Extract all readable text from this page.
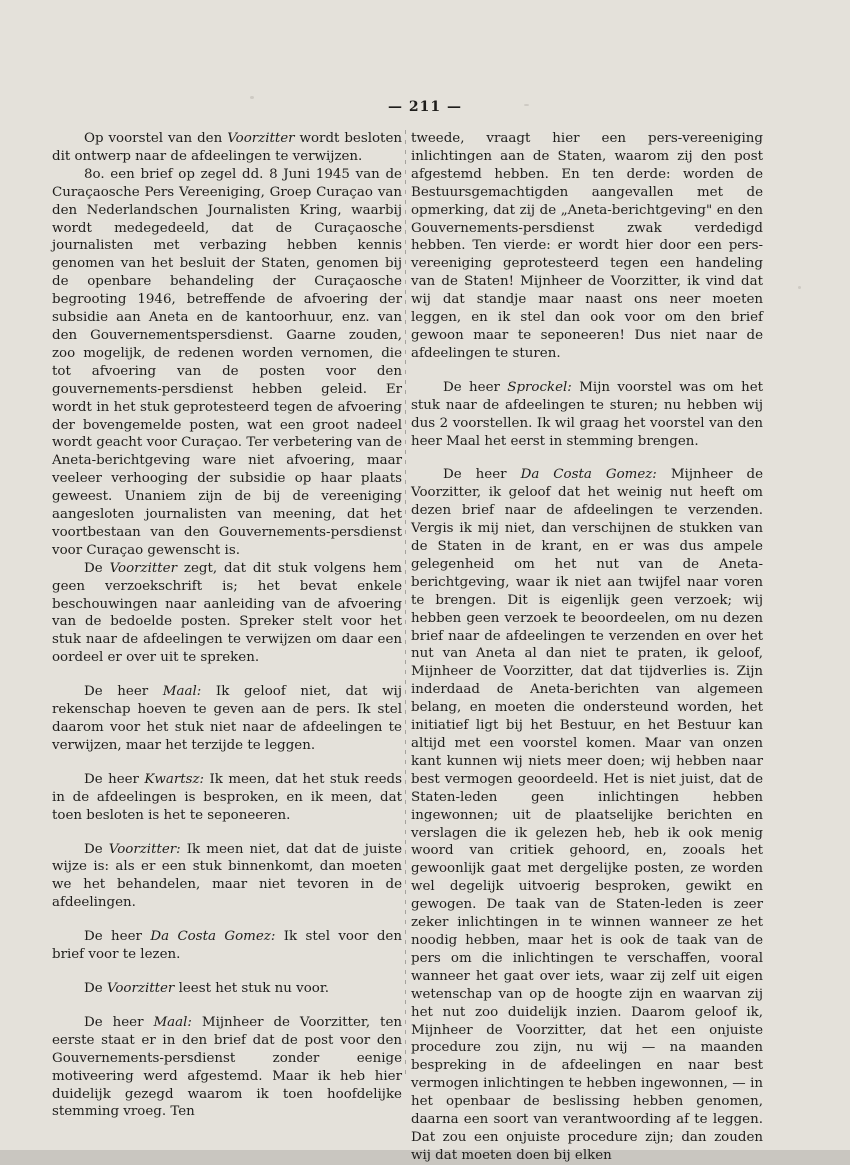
— 211 —

Op voorstel van den Voorzitter wordt besloten dit ontwerp naar de afdeelingen te verwijzen.

8o. een brief op zegel dd. 8 Juni 1945 van de Curaçaosche Pers Vereeniging, Groep Curaçao van den Nederlandschen Journalisten Kring, waarbij wordt medegedeeld, dat de Curaçaosche journalisten met verbazing hebben kennis genomen van het besluit der Staten, genomen bij de openbare behandeling der Curaçaosche begrooting 1946, betreffende de afvoering der subsidie aan Aneta en de kantoorhuur, enz. van den Gouvernementspersdienst. Gaarne zouden, zoo mogelijk, de redenen worden vernomen, die tot afvoering van de posten voor den gouvernements-persdienst hebben geleid. Er wordt in het stuk geprotesteerd tegen de afvoering der bovengemelde posten, wat een groot nadeel wordt geacht voor Curaçao. Ter verbetering van de Aneta-berichtgeving ware niet afvoering, maar veeleer verhooging der subsidie op haar plaats geweest. Unaniem zijn de bij de vereeniging aangesloten journalisten van meening, dat het voortbestaan van den Gouvernements-persdienst voor Curaçao gewenscht is.

De Voorzitter zegt, dat dit stuk volgens hem geen verzoekschrift is; het bevat enkele beschouwingen naar aanleiding van de afvoering van de bedoelde posten. Spreker stelt voor het stuk naar de afdeelingen te verwijzen om daar een oordeel er over uit te spreken.

De heer Maal: Ik geloof niet, dat wij rekenschap hoeven te geven aan de pers. Ik stel daarom voor het stuk niet naar de afdeelingen te verwijzen, maar het terzijde te leggen.

De heer Kwartsz: Ik meen, dat het stuk reeds in de afdeelingen is besproken, en ik meen, dat toen besloten is het te seponeeren.

De Voorzitter: Ik meen niet, dat dat de juiste wijze is: als er een stuk binnenkomt, dan moeten we het behandelen, maar niet tevoren in de afdeelingen.

De heer Da Costa Gomez: Ik stel voor den brief voor te lezen.

De Voorzitter leest het stuk nu voor.

De heer Maal: Mijnheer de Voorzitter, ten eerste staat er in den brief dat de post voor den Gouvernements-persdienst zonder eenige motiveering werd afgestemd. Maar ik heb hier duidelijk gezegd waarom ik toen hoofdelijke stemming vroeg. Ten

tweede, vraagt hier een pers-vereeniging inlichtingen aan de Staten, waarom zij den post afgestemd hebben. En ten derde: worden de Bestuursgemachtigden aangevallen met de opmerking, dat zij de „Aneta-berichtgeving" en den Gouvernements-persdienst zwak verdedigd hebben. Ten vierde: er wordt hier door een pers-vereeniging geprotesteerd tegen een handeling van de Staten! Mijnheer de Voorzitter, ik vind dat wij dat standje maar naast ons neer moeten leggen, en ik stel dan ook voor om den brief gewoon maar te seponeeren! Dus niet naar de afdeelingen te sturen.

De heer Sprockel: Mijn voorstel was om het stuk naar de afdeelingen te sturen; nu hebben wij dus 2 voorstellen. Ik wil graag het voorstel van den heer Maal het eerst in stemming brengen.

De heer Da Costa Gomez: Mijnheer de Voorzitter, ik geloof dat het weinig nut heeft om dezen brief naar de afdeelingen te verzenden. Vergis ik mij niet, dan verschijnen de stukken van de Staten in de krant, en er was dus ampele gelegenheid om het nut van de Aneta-berichtgeving, waar ik niet aan twijfel naar voren te brengen. Dit is eigenlijk geen verzoek; wij hebben geen verzoek te beoordeelen, om nu dezen brief naar de afdeelingen te verzenden en over het nut van Aneta al dan niet te praten, ik geloof, Mijnheer de Voorzitter, dat dat tijdverlies is. Zijn inderdaad de Aneta-berichten van algemeen belang, en moeten die ondersteund worden, het initiatief ligt bij het Bestuur, en het Bestuur kan altijd met een voorstel komen. Maar van onzen kant kunnen wij niets meer doen; wij hebben naar best vermogen geoordeeld. Het is niet juist, dat de Staten-leden geen inlichtingen hebben ingewonnen; uit de plaatselijke berichten en verslagen die ik gelezen heb, heb ik ook menig woord van critiek gehoord, en, zooals het gewoonlijk gaat met dergelijke posten, ze worden wel degelijk uitvoerig besproken, gewikt en gewogen. De taak van de Staten-leden is zeer zeker inlichtingen in te winnen wanneer ze het noodig hebben, maar het is ook de taak van de pers om die inlichtingen te verschaffen, vooral wanneer het gaat over iets, waar zij zelf uit eigen wetenschap van op de hoogte zijn en waarvan zij het nut zoo duidelijk inzien. Daarom geloof ik, Mijnheer de Voorzitter, dat het een onjuiste procedure zou zijn, nu wij — na maanden bespreking in de afdeelingen en naar best vermogen inlichtingen te hebben ingewonnen, — in het openbaar de beslissing hebben genomen, daarna een soort van verantwoording af te leggen. Dat zou een onjuiste procedure zijn; dan zouden wij dat moeten doen bij elken
